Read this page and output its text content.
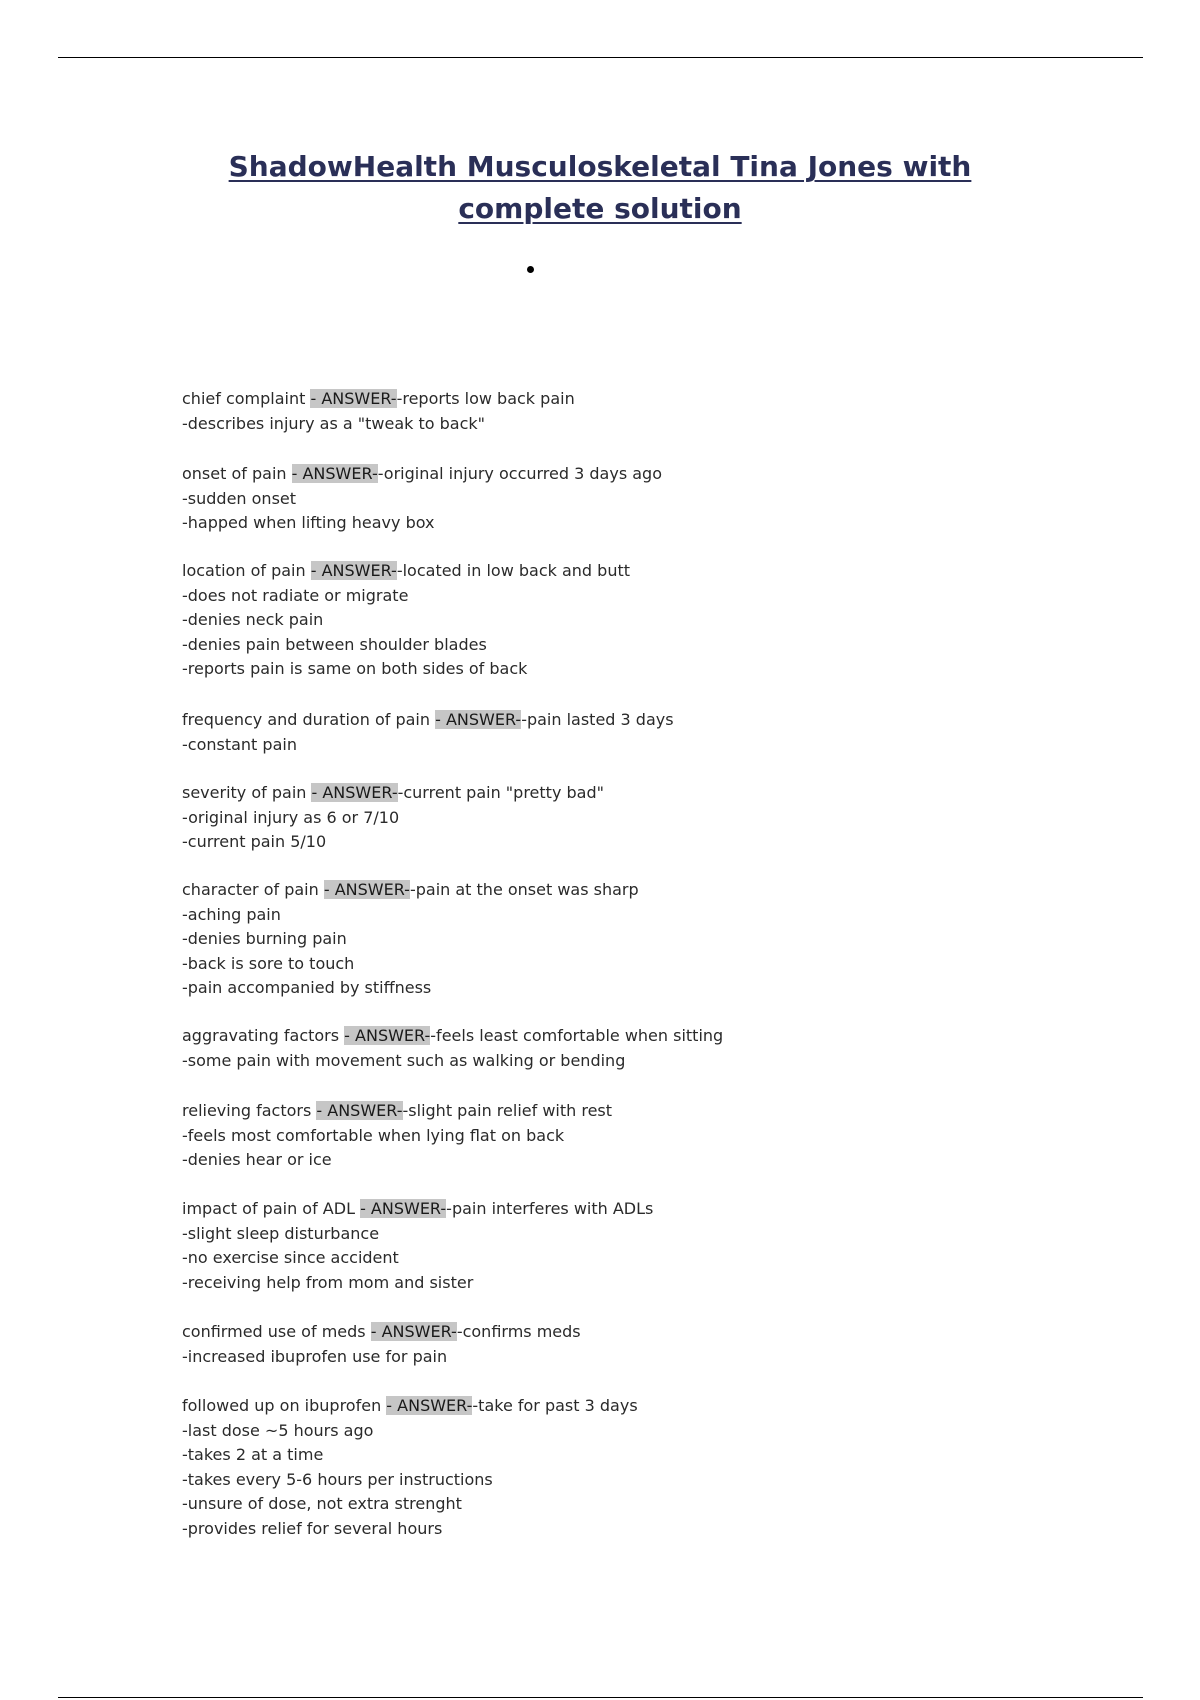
ShadowHealth Musculoskeletal Tina Jones with
complete solution
chief complaint - ANSWER--reports low back pain
-describes injury as a "tweak to back"
onset of pain - ANSWER--original injury occurred 3 days ago
-sudden onset
-happed when lifting heavy box
location of pain - ANSWER--located in low back and butt
-does not radiate or migrate
-denies neck pain
-denies pain between shoulder blades
-reports pain is same on both sides of back
frequency and duration of pain - ANSWER--pain lasted 3 days
-constant pain
severity of pain - ANSWER--current pain "pretty bad"
-original injury as 6 or 7/10
-current pain 5/10
character of pain - ANSWER--pain at the onset was sharp
-aching pain
-denies burning pain
-back is sore to touch
-pain accompanied by stiffness
aggravating factors - ANSWER--feels least comfortable when sitting
-some pain with movement such as walking or bending
relieving factors - ANSWER--slight pain relief with rest
-feels most comfortable when lying flat on back
-denies hear or ice
impact of pain of ADL - ANSWER--pain interferes with ADLs
-slight sleep disturbance
-no exercise since accident
-receiving help from mom and sister
confirmed use of meds - ANSWER--confirms meds
-increased ibuprofen use for pain
followed up on ibuprofen - ANSWER--take for past 3 days
-last dose ~5 hours ago
-takes 2 at a time
-takes every 5-6 hours per instructions
-unsure of dose, not extra strenght
-provides relief for several hours
